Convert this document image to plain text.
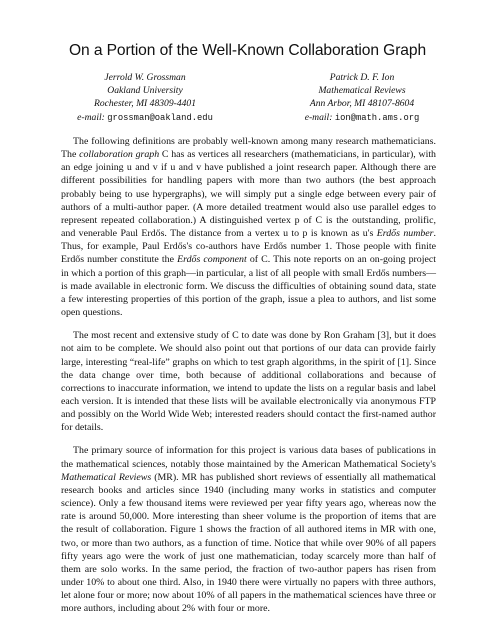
On a Portion of the Well-Known Collaboration Graph
Jerrold W. Grossman
Oakland University
Rochester, MI 48309-4401
e-mail: grossman@oakland.edu
Patrick D. F. Ion
Mathematical Reviews
Ann Arbor, MI 48107-8604
e-mail: ion@math.ams.org

The following definitions are probably well-known among many research mathematicians. The collaboration graph C has as vertices all researchers (mathematicians, in particular), with an edge joining u and v if u and v have published a joint research paper. Although there are different possibilities for handling papers with more than two authors (the best approach probably being to use hypergraphs), we will simply put a single edge between every pair of authors of a multi-author paper. (A more detailed treatment would also use parallel edges to represent repeated collaboration.) A distinguished vertex p of C is the outstanding, prolific, and venerable Paul Erdős. The distance from a vertex u to p is known as u's Erdős number. Thus, for example, Paul Erdős's co-authors have Erdős number 1. Those people with finite Erdős number constitute the Erdős component of C. This note reports on an on-going project in which a portion of this graph—in particular, a list of all people with small Erdős numbers—is made available in electronic form. We discuss the difficulties of obtaining sound data, state a few interesting properties of this portion of the graph, issue a plea to authors, and list some open questions.

The most recent and extensive study of C to date was done by Ron Graham [3], but it does not aim to be complete. We should also point out that portions of our data can provide fairly large, interesting “real-life” graphs on which to test graph algorithms, in the spirit of [1]. Since the data change over time, both because of additional collaborations and because of corrections to inaccurate information, we intend to update the lists on a regular basis and label each version. It is intended that these lists will be available electronically via anonymous FTP and possibly on the World Wide Web; interested readers should contact the first-named author for details.

The primary source of information for this project is various data bases of publications in the mathematical sciences, notably those maintained by the American Mathematical Society's Mathematical Reviews (MR). MR has published short reviews of essentially all mathematical research books and articles since 1940 (including many works in statistics and computer science). Only a few thousand items were reviewed per year fifty years ago, whereas now the rate is around 50,000. More interesting than sheer volume is the proportion of items that are the result of collaboration. Figure 1 shows the fraction of all authored items in MR with one, two, or more than two authors, as a function of time. Notice that while over 90% of all papers fifty years ago were the work of just one mathematician, today scarcely more than half of them are solo works. In the same period, the fraction of two-author papers has risen from under 10% to about one third. Also, in 1940 there were virtually no papers with three authors, let alone four or more; now about 10% of all papers in the mathematical sciences have three or more authors, including about 2% with four or more.
